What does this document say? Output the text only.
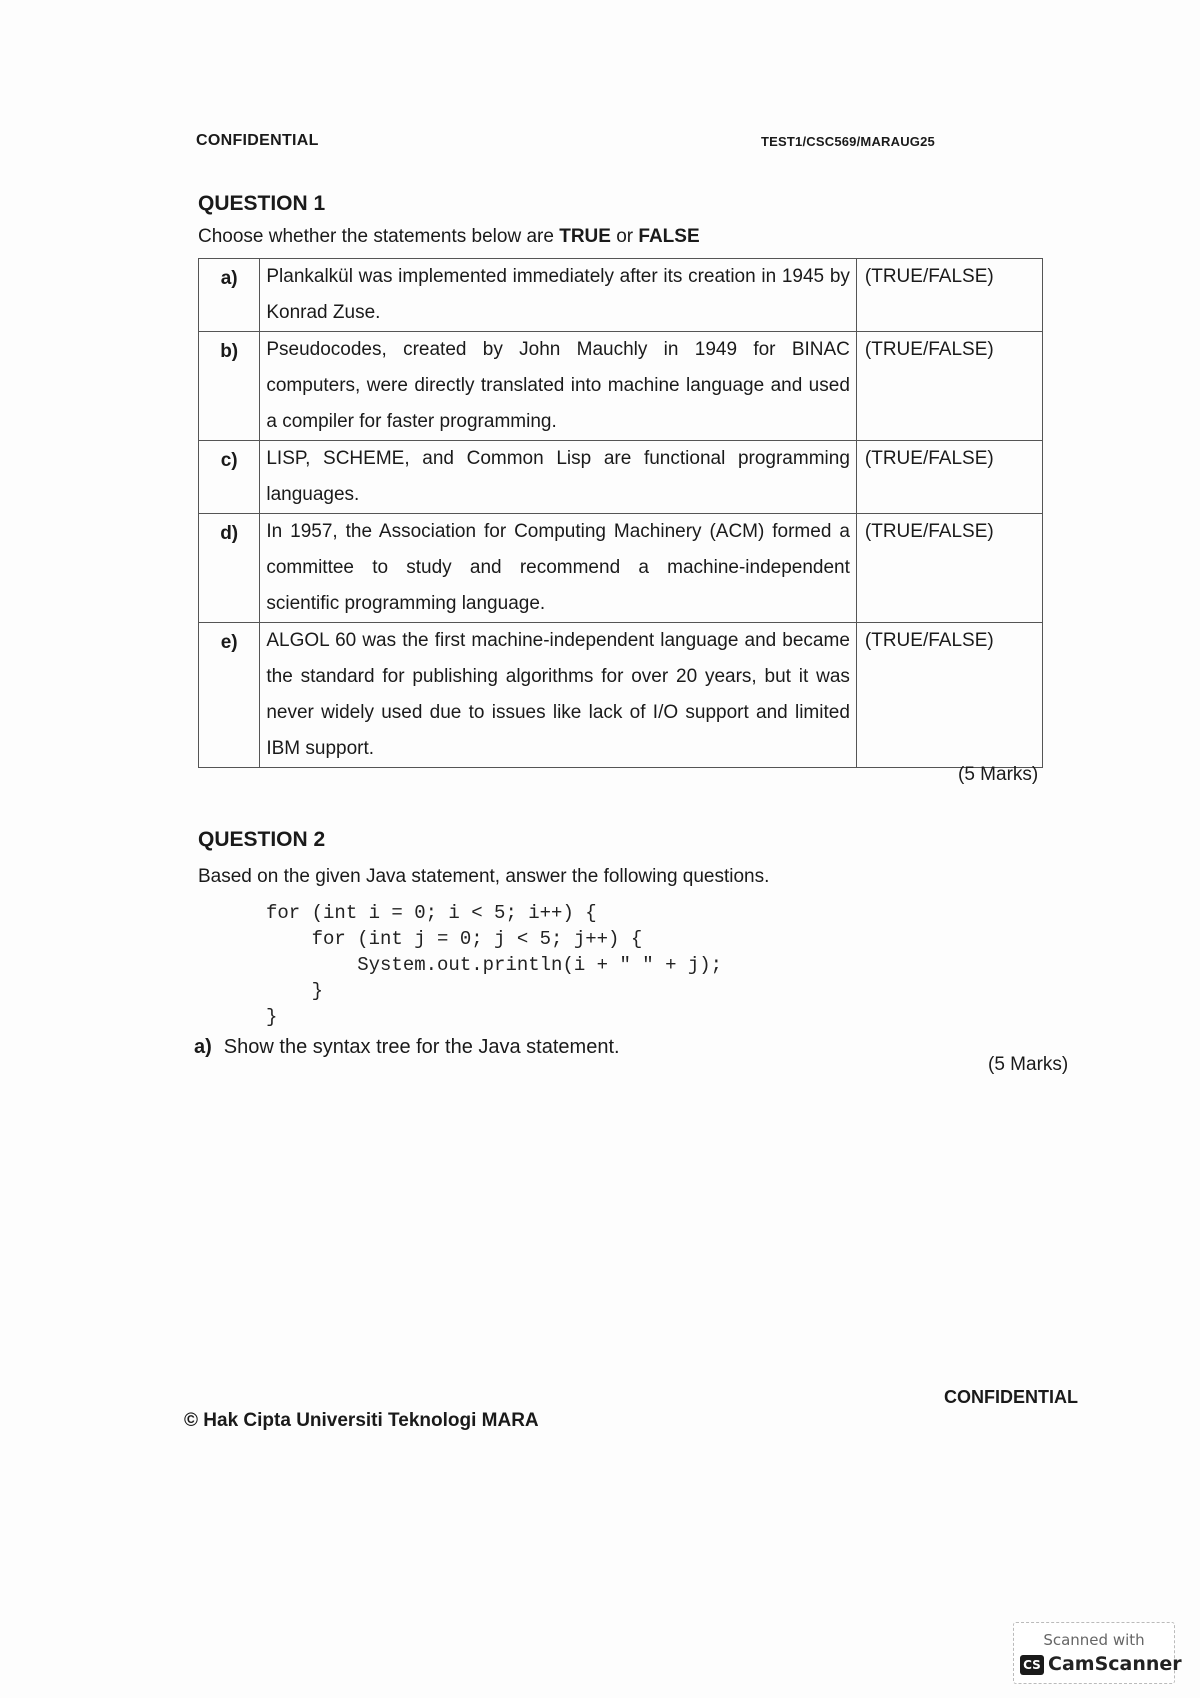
CONFIDENTIAL	TEST1/CSC569/MARAUG25
QUESTION 1
Choose whether the statements below are TRUE or FALSE
a)	Plankalkül was implemented immediately after its creation in 1945 by Konrad Zuse.	(TRUE/FALSE)
b)	Pseudocodes, created by John Mauchly in 1949 for BINAC computers, were directly translated into machine language and used a compiler for faster programming.	(TRUE/FALSE)
c)	LISP, SCHEME, and Common Lisp are functional programming languages.	(TRUE/FALSE)
d)	In 1957, the Association for Computing Machinery (ACM) formed a committee to study and recommend a machine-independent scientific programming language.	(TRUE/FALSE)
e)	ALGOL 60 was the first machine-independent language and became the standard for publishing algorithms for over 20 years, but it was never widely used due to issues like lack of I/O support and limited IBM support.	(TRUE/FALSE)
(5 Marks)
QUESTION 2
Based on the given Java statement, answer the following questions.
for (int i = 0; i < 5; i++) {
for (int j = 0; j < 5; j++) {
System.out.println(i + " " + j);
}
}
a) Show the syntax tree for the Java statement.
(5 Marks)
© Hak Cipta Universiti Teknologi MARA
CONFIDENTIAL
Scanned with
CS CamScanner
